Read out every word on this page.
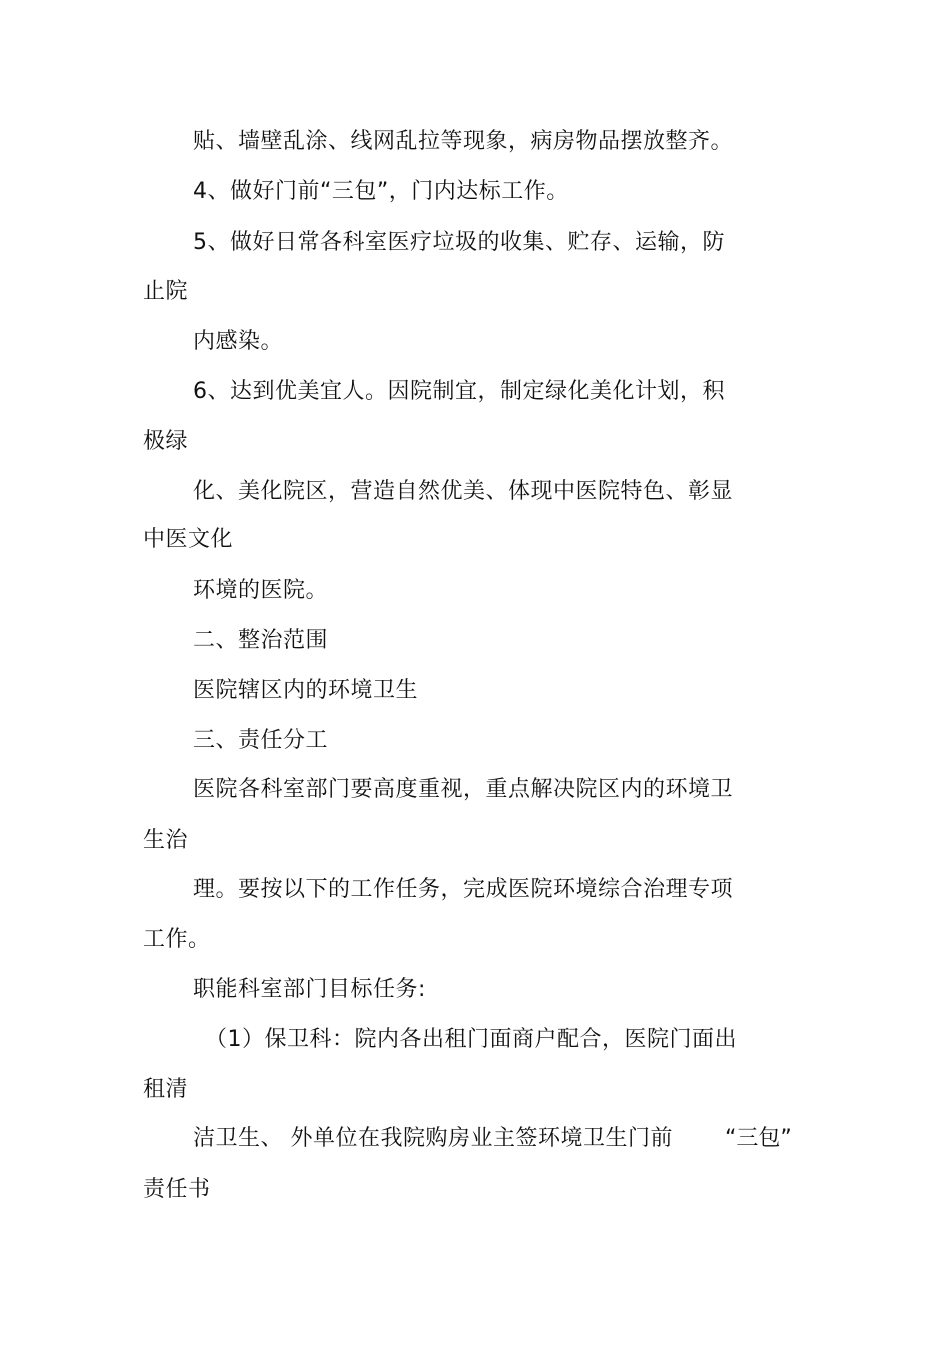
贴、墙壁乱涂、线网乱拉等现象，病房物品摆放整齐。
4、做好门前“三包”，门内达标工作。
5、做好日常各科室医疗垃圾的收集、贮存、运输，防
止院
内感染。
6、达到优美宜人。因院制宜，制定绿化美化计划，积
极绿
化、美化院区，营造自然优美、体现中医院特色、彰显
中医文化
环境的医院。
二、整治范围
医院辖区内的环境卫生
三、责任分工
医院各科室部门要高度重视，重点解决院区内的环境卫
生治
理。要按以下的工作任务，完成医院环境综合治理专项
工作。
职能科室部门目标任务:
（1）保卫科：院内各出租门面商户配合，医院门面出
租清
洁卫生、 外单位在我院购房业主签环境卫生门前 “三包”
责任书
